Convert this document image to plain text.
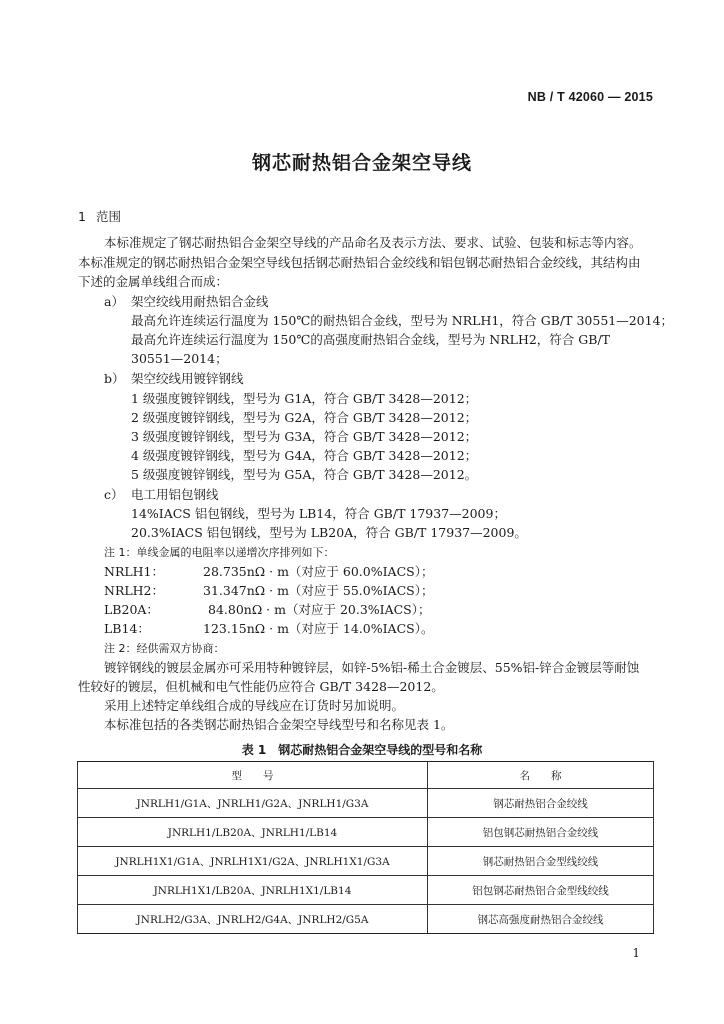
NB / T 42060 — 2015
钢芯耐热铝合金架空导线
1 范围
本标准规定了钢芯耐热铝合金架空导线的产品命名及表示方法、要求、试验、包装和标志等内容。
本标准规定的钢芯耐热铝合金架空导线包括钢芯耐热铝合金绞线和铝包钢芯耐热铝合金绞线，其结构由
下述的金属单线组合而成：
a） 架空绞线用耐热铝合金线
最高允许连续运行温度为 150℃的耐热铝合金线，型号为 NRLH1，符合 GB/T 30551—2014；
最高允许连续运行温度为 150℃的高强度耐热铝合金线，型号为 NRLH2，符合 GB/T
30551—2014；
b） 架空绞线用镀锌钢线
1 级强度镀锌钢线，型号为 G1A，符合 GB/T 3428—2012；
2 级强度镀锌钢线，型号为 G2A，符合 GB/T 3428—2012；
3 级强度镀锌钢线，型号为 G3A，符合 GB/T 3428—2012；
4 级强度镀锌钢线，型号为 G4A，符合 GB/T 3428—2012；
5 级强度镀锌钢线，型号为 G5A，符合 GB/T 3428—2012。
c） 电工用铝包钢线
14%IACS 铝包钢线，型号为 LB14，符合 GB/T 17937—2009；
20.3%IACS 铝包钢线，型号为 LB20A，符合 GB/T 17937—2009。
注 1：单线金属的电阻率以递增次序排列如下：
NRLH1：	28.735nΩ · m（对应于 60.0%IACS）；
NRLH2：	31.347nΩ · m（对应于 55.0%IACS）；
LB20A：	84.80nΩ · m（对应于 20.3%IACS）；
LB14：	123.15nΩ · m（对应于 14.0%IACS）。
注 2：经供需双方协商：
镀锌钢线的镀层金属亦可采用特种镀锌层，如锌-5%铝-稀土合金镀层、55%铝-锌合金镀层等耐蚀
性较好的镀层，但机械和电气性能仍应符合 GB/T 3428—2012。
采用上述特定单线组合成的导线应在订货时另加说明。
本标准包括的各类钢芯耐热铝合金架空导线型号和名称见表 1。
表 1　钢芯耐热铝合金架空导线的型号和名称
型　　号	名　　称
JNRLH1/G1A、JNRLH1/G2A、JNRLH1/G3A	钢芯耐热铝合金绞线
JNRLH1/LB20A、JNRLH1/LB14	铝包钢芯耐热铝合金绞线
JNRLH1X1/G1A、JNRLH1X1/G2A、JNRLH1X1/G3A	钢芯耐热铝合金型线绞线
JNRLH1X1/LB20A、JNRLH1X1/LB14	铝包钢芯耐热铝合金型线绞线
JNRLH2/G3A、JNRLH2/G4A、JNRLH2/G5A	钢芯高强度耐热铝合金绞线
1
